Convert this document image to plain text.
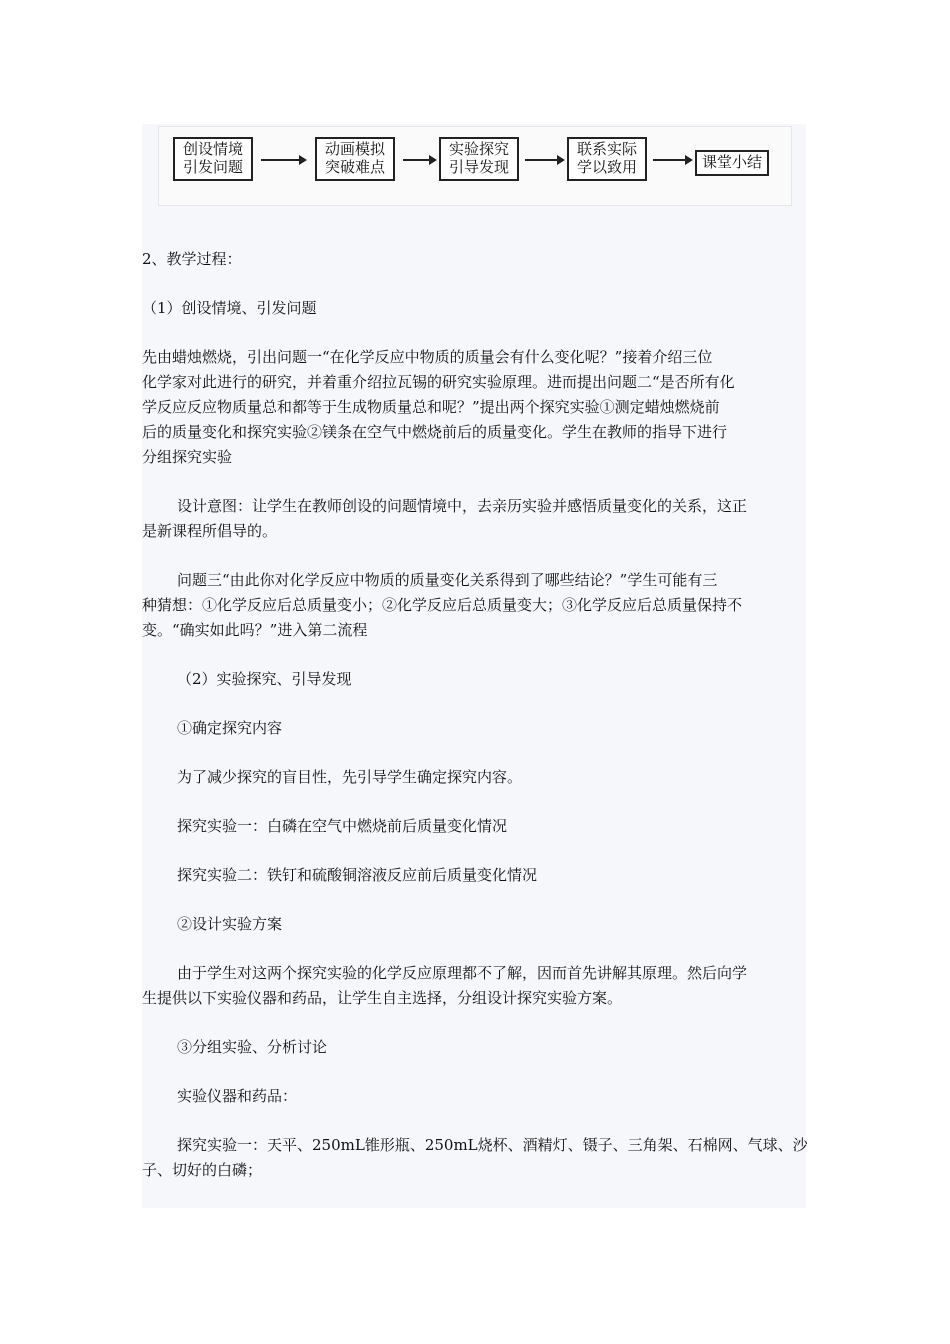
创设情境
引发问题
动画模拟
突破难点
实验探究
引导发现
联系实际
学以致用	课堂小结
2、教学过程：
（1）创设情境、引发问题
先由蜡烛燃烧，引出问题一“在化学反应中物质的质量会有什么变化呢？”接着介绍三位
化学家对此进行的研究，并着重介绍拉瓦锡的研究实验原理。进而提出问题二“是否所有化
学反应反应物质量总和都等于生成物质量总和呢？”提出两个探究实验①测定蜡烛燃烧前
后的质量变化和探究实验②镁条在空气中燃烧前后的质量变化。学生在教师的指导下进行
分组探究实验
设计意图：让学生在教师创设的问题情境中，去亲历实验并感悟质量变化的关系，这正
是新课程所倡导的。
问题三“由此你对化学反应中物质的质量变化关系得到了哪些结论？”学生可能有三
种猜想：①化学反应后总质量变小；②化学反应后总质量变大；③化学反应后总质量保持不
变。“确实如此吗？”进入第二流程
（2）实验探究、引导发现
①确定探究内容
为了减少探究的盲目性，先引导学生确定探究内容。
探究实验一：白磷在空气中燃烧前后质量变化情况
探究实验二：铁钉和硫酸铜溶液反应前后质量变化情况
②设计实验方案
由于学生对这两个探究实验的化学反应原理都不了解，因而首先讲解其原理。然后向学
生提供以下实验仪器和药品，让学生自主选择，分组设计探究实验方案。
③分组实验、分析讨论
实验仪器和药品：
探究实验一：天平、250mL锥形瓶、250mL烧杯、酒精灯、镊子、三角架、石棉网、气球、沙
子、切好的白磷；
